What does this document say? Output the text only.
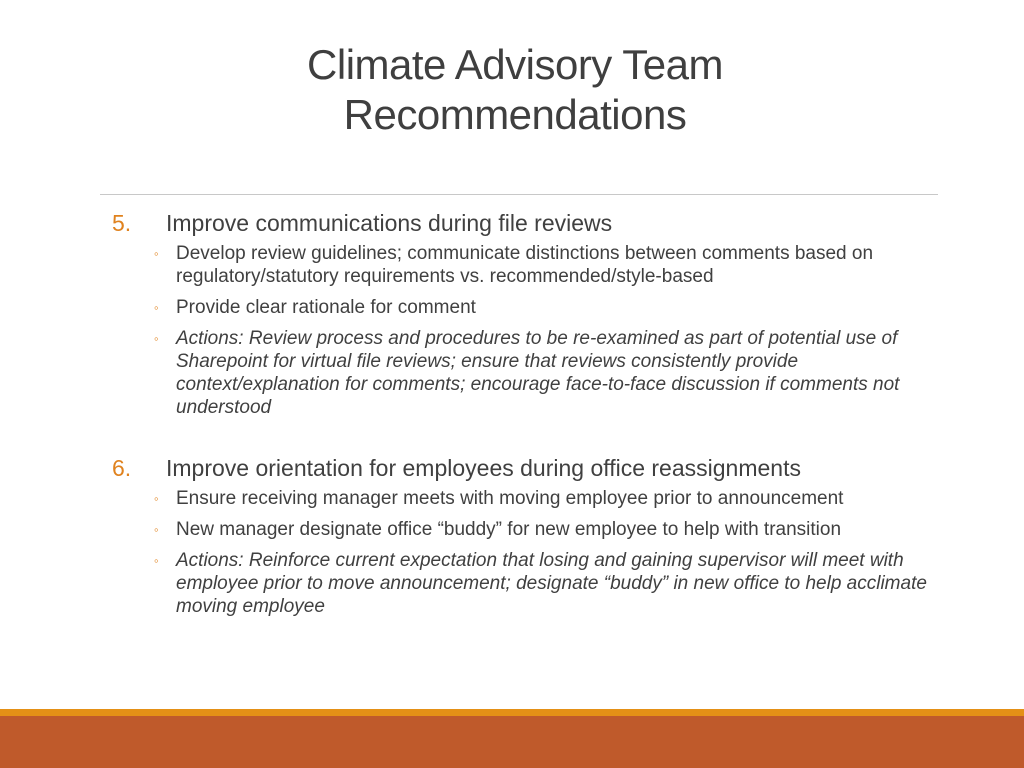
Climate Advisory Team Recommendations
5.	Improve communications during file reviews
◦ Develop review guidelines; communicate distinctions between comments based on regulatory/statutory requirements vs. recommended/style-based
◦ Provide clear rationale for comment
◦ Actions: Review process and procedures to be re-examined as part of potential use of Sharepoint for virtual file reviews; ensure that reviews consistently provide context/explanation for comments; encourage face-to-face discussion if comments not understood
6.	Improve orientation for employees during office reassignments
◦ Ensure receiving manager meets with moving employee prior to announcement
◦ New manager designate office “buddy” for new employee to help with transition
◦ Actions: Reinforce current expectation that losing and gaining supervisor will meet with employee prior to move announcement; designate “buddy” in new office to help acclimate moving employee
